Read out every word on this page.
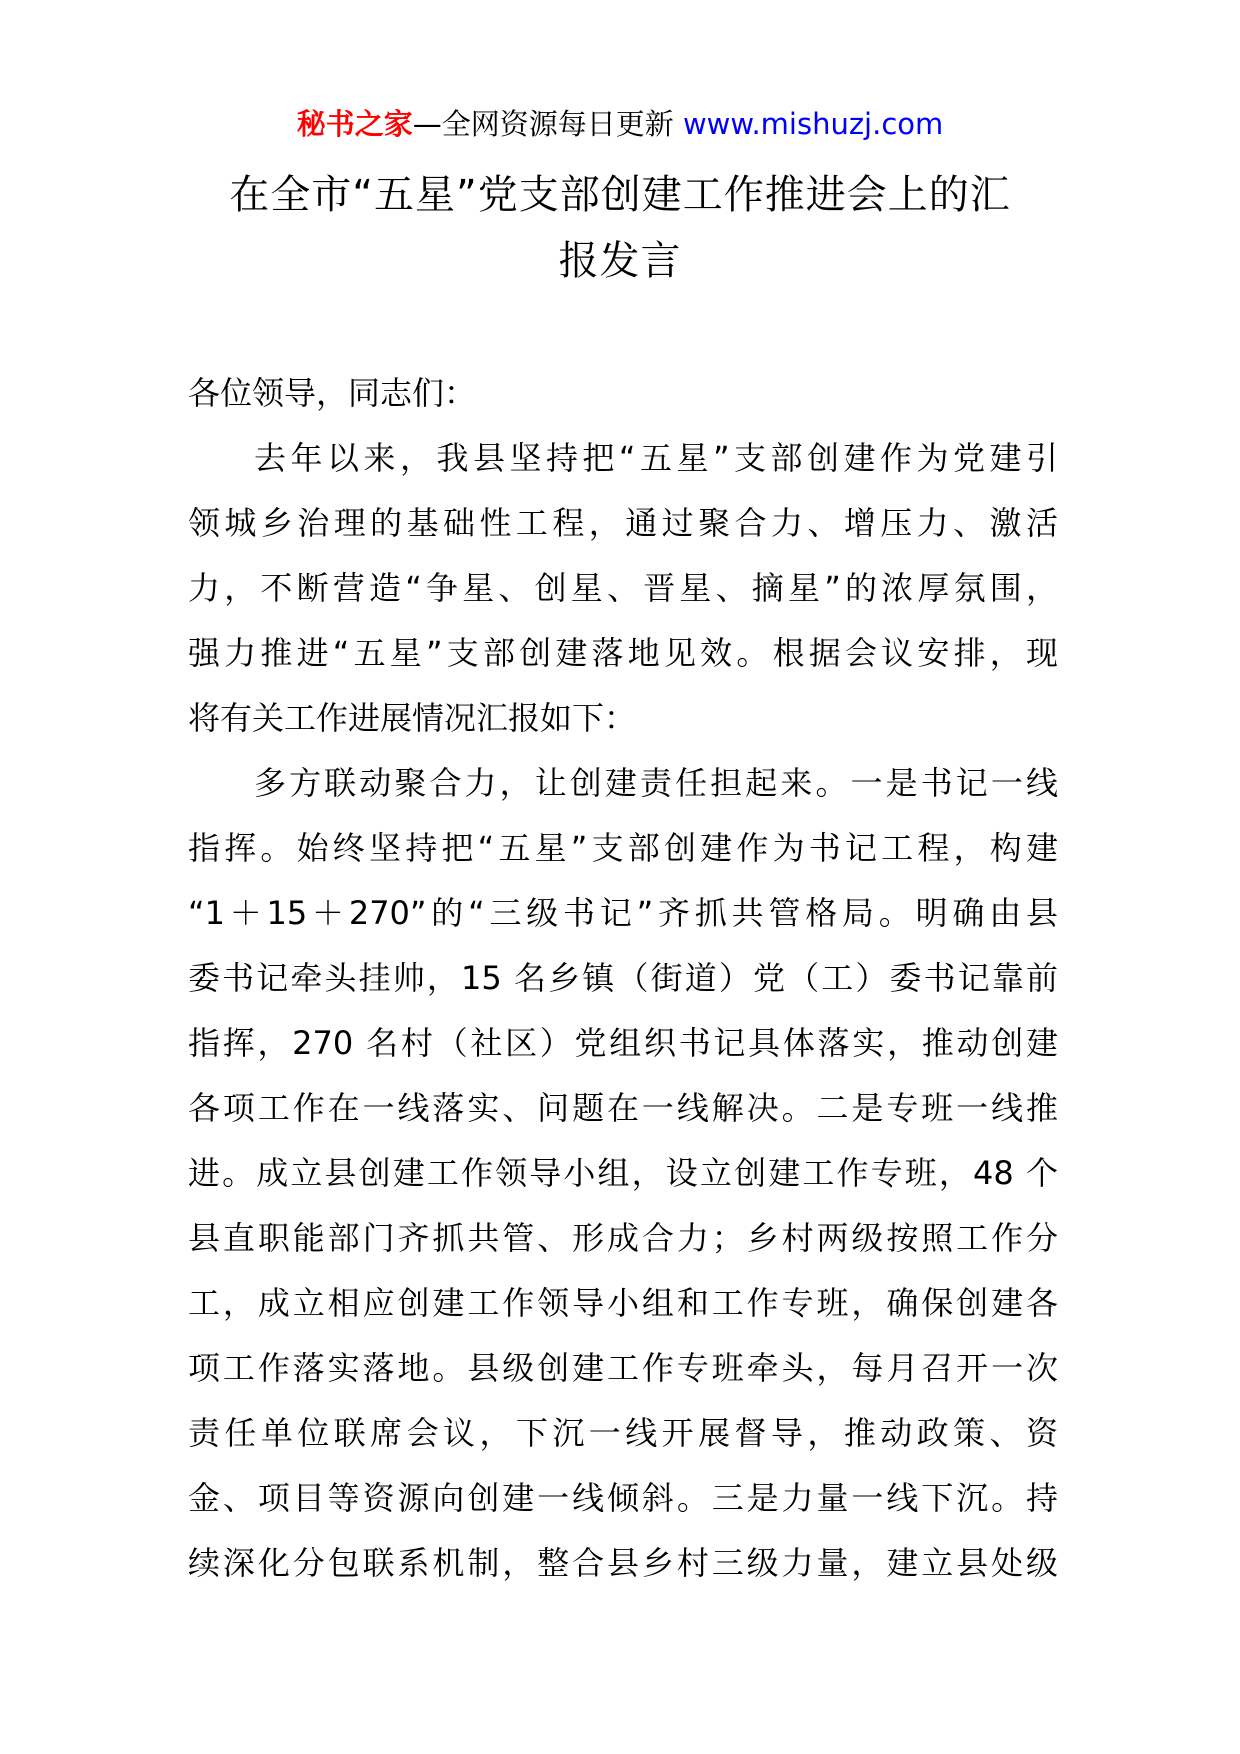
秘书之家—全网资源每日更新 www.mishuzj.com
在全市“五星”党支部创建工作推进会上的汇
报发言
各位领导，同志们：
去年以来，我县坚持把“五星”支部创建作为党建引
领城乡治理的基础性工程，通过聚合力、增压力、激活
力，不断营造“争星、创星、晋星、摘星”的浓厚氛围，
强力推进“五星”支部创建落地见效。根据会议安排，现
将有关工作进展情况汇报如下：
多方联动聚合力，让创建责任担起来。一是书记一线
指挥。始终坚持把“五星”支部创建作为书记工程，构建
“1＋15＋270”的“三级书记”齐抓共管格局。明确由县
委书记牵头挂帅，15 名乡镇（街道）党（工）委书记靠前
指挥，270 名村（社区）党组织书记具体落实，推动创建
各项工作在一线落实、问题在一线解决。二是专班一线推
进。成立县创建工作领导小组，设立创建工作专班，48 个
县直职能部门齐抓共管、形成合力；乡村两级按照工作分
工，成立相应创建工作领导小组和工作专班，确保创建各
项工作落实落地。县级创建工作专班牵头，每月召开一次
责任单位联席会议，下沉一线开展督导，推动政策、资
金、项目等资源向创建一线倾斜。三是力量一线下沉。持
续深化分包联系机制，整合县乡村三级力量，建立县处级
